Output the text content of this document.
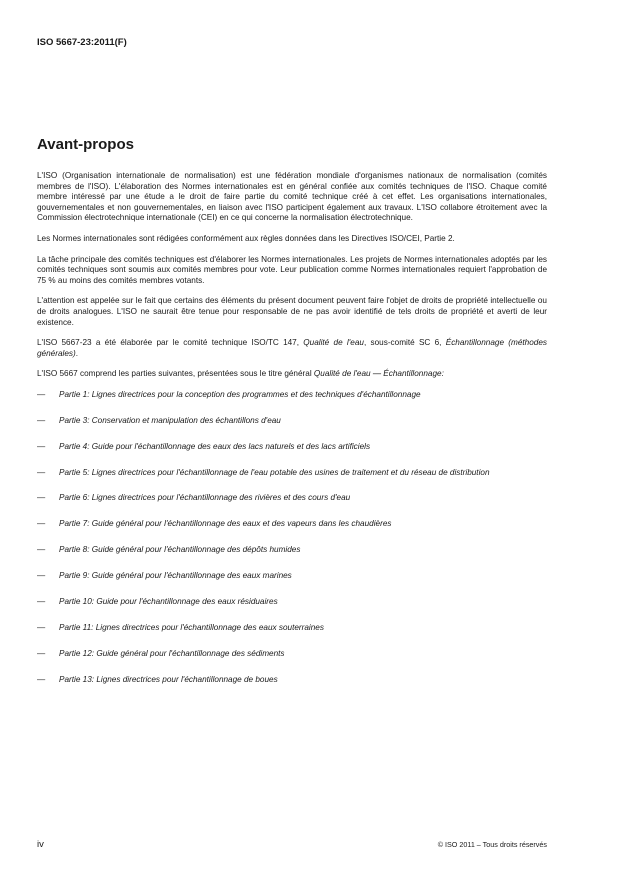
ISO 5667-23:2011(F)
Avant-propos

L'ISO (Organisation internationale de normalisation) est une fédération mondiale d'organismes nationaux de normalisation (comités membres de l'ISO). L'élaboration des Normes internationales est en général confiée aux comités techniques de l'ISO. Chaque comité membre intéressé par une étude a le droit de faire partie du comité technique créé à cet effet. Les organisations internationales, gouvernementales et non gouvernementales, en liaison avec l'ISO participent également aux travaux. L'ISO collabore étroitement avec la Commission électrotechnique internationale (CEI) en ce qui concerne la normalisation électrotechnique.

Les Normes internationales sont rédigées conformément aux règles données dans les Directives ISO/CEI, Partie 2.

La tâche principale des comités techniques est d'élaborer les Normes internationales. Les projets de Normes internationales adoptés par les comités techniques sont soumis aux comités membres pour vote. Leur publication comme Normes internationales requiert l'approbation de 75 % au moins des comités membres votants.

L'attention est appelée sur le fait que certains des éléments du présent document peuvent faire l'objet de droits de propriété intellectuelle ou de droits analogues. L'ISO ne saurait être tenue pour responsable de ne pas avoir identifié de tels droits de propriété et averti de leur existence.

L'ISO 5667-23 a été élaborée par le comité technique ISO/TC 147, Qualité de l'eau, sous-comité SC 6, Échantillonnage (méthodes générales).

L'ISO 5667 comprend les parties suivantes, présentées sous le titre général Qualité de l'eau — Échantillonnage:

— Partie 1: Lignes directrices pour la conception des programmes et des techniques d'échantillonnage
— Partie 3: Conservation et manipulation des échantillons d'eau
— Partie 4: Guide pour l'échantillonnage des eaux des lacs naturels et des lacs artificiels
— Partie 5: Lignes directrices pour l'échantillonnage de l'eau potable des usines de traitement et du réseau de distribution
— Partie 6: Lignes directrices pour l'échantillonnage des rivières et des cours d'eau
— Partie 7: Guide général pour l'échantillonnage des eaux et des vapeurs dans les chaudières
— Partie 8: Guide général pour l'échantillonnage des dépôts humides
— Partie 9: Guide général pour l'échantillonnage des eaux marines
— Partie 10: Guide pour l'échantillonnage des eaux résiduaires
— Partie 11: Lignes directrices pour l'échantillonnage des eaux souterraines
— Partie 12: Guide général pour l'échantillonnage des sédiments
— Partie 13: Lignes directrices pour l'échantillonnage de boues
iv	© ISO 2011 – Tous droits réservés
